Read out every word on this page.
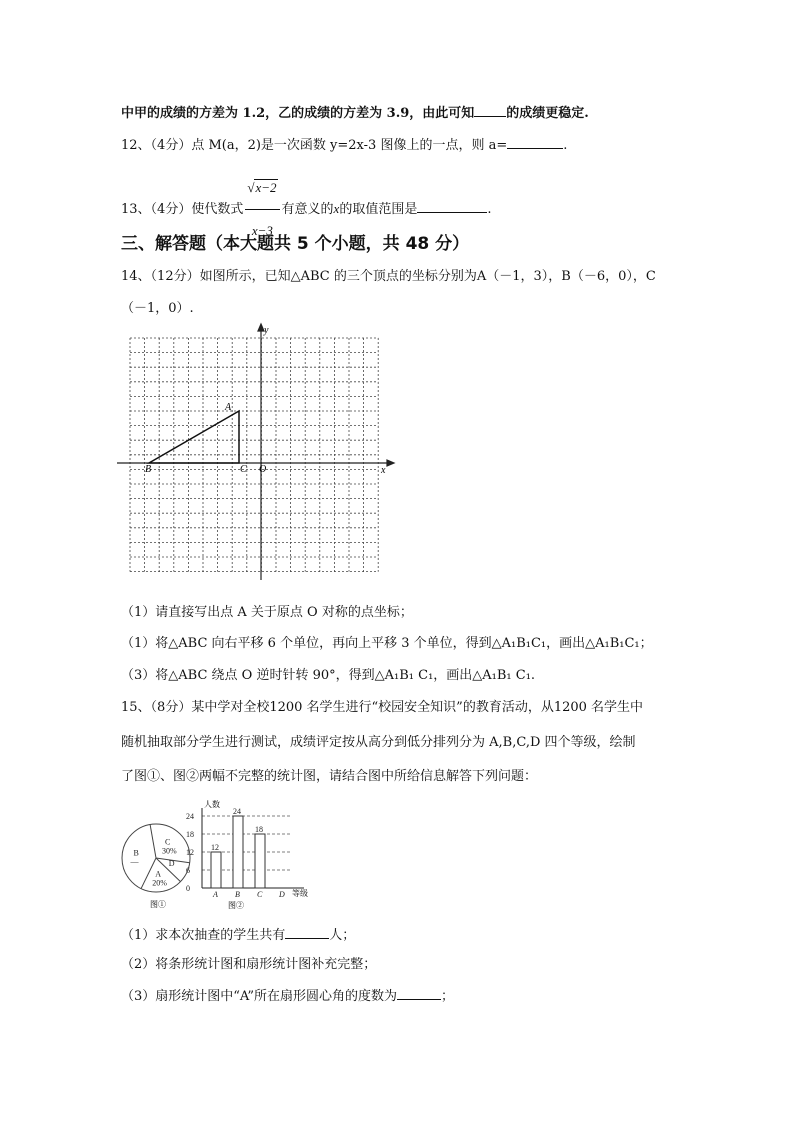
中甲的成绩的方差为 1.2，乙的成绩的方差为 3.9，由此可知 的成绩更稳定.
12、（4分）点 M(a，2)是一次函数 y=2x-3 图像上的一点，则 a=	.
13、（4分）使代数式 $\frac{√x-2}{x-3}$ 有意义的x的取值范围是	.
三、解答题（本大题共 5 个小题，共 48 分）
14、（12分）如图所示，已知△ABC 的三个顶点的坐标分别为A（－1，3），B（－6，0），C
（－1，0）.
y
x
A
B	C O
（1）请直接写出点 A 关于原点 O 对称的点坐标；
（1）将△ABC 向右平移 6 个单位，再向上平移 3 个单位，得到△A₁B₁C₁，画出△A₁B₁C₁；
（3）将△ABC 绕点 O 逆时针转 90°，得到△A₁B₁ C₁，画出△A₁B₁ C₁.
15、（8分）某中学对全校1200 名学生进行“校园安全知识”的教育活动，从1200 名学生中
随机抽取部分学生进行测试，成绩评定按从高分到低分排列分为 A,B,C,D 四个等级，绘制
了图①、图②两幅不完整的统计图，请结合图中所给信息解答下列问题：
C
30%
D
A
20%
B
—
图①
0
6
12
18
24
12
A
24
B
18
C D
人数
等级
图②
（1）求本次抽查的学生共有	人；
（2）将条形统计图和扇形统计图补充完整；
（3）扇形统计图中“A”所在扇形圆心角的度数为	；
